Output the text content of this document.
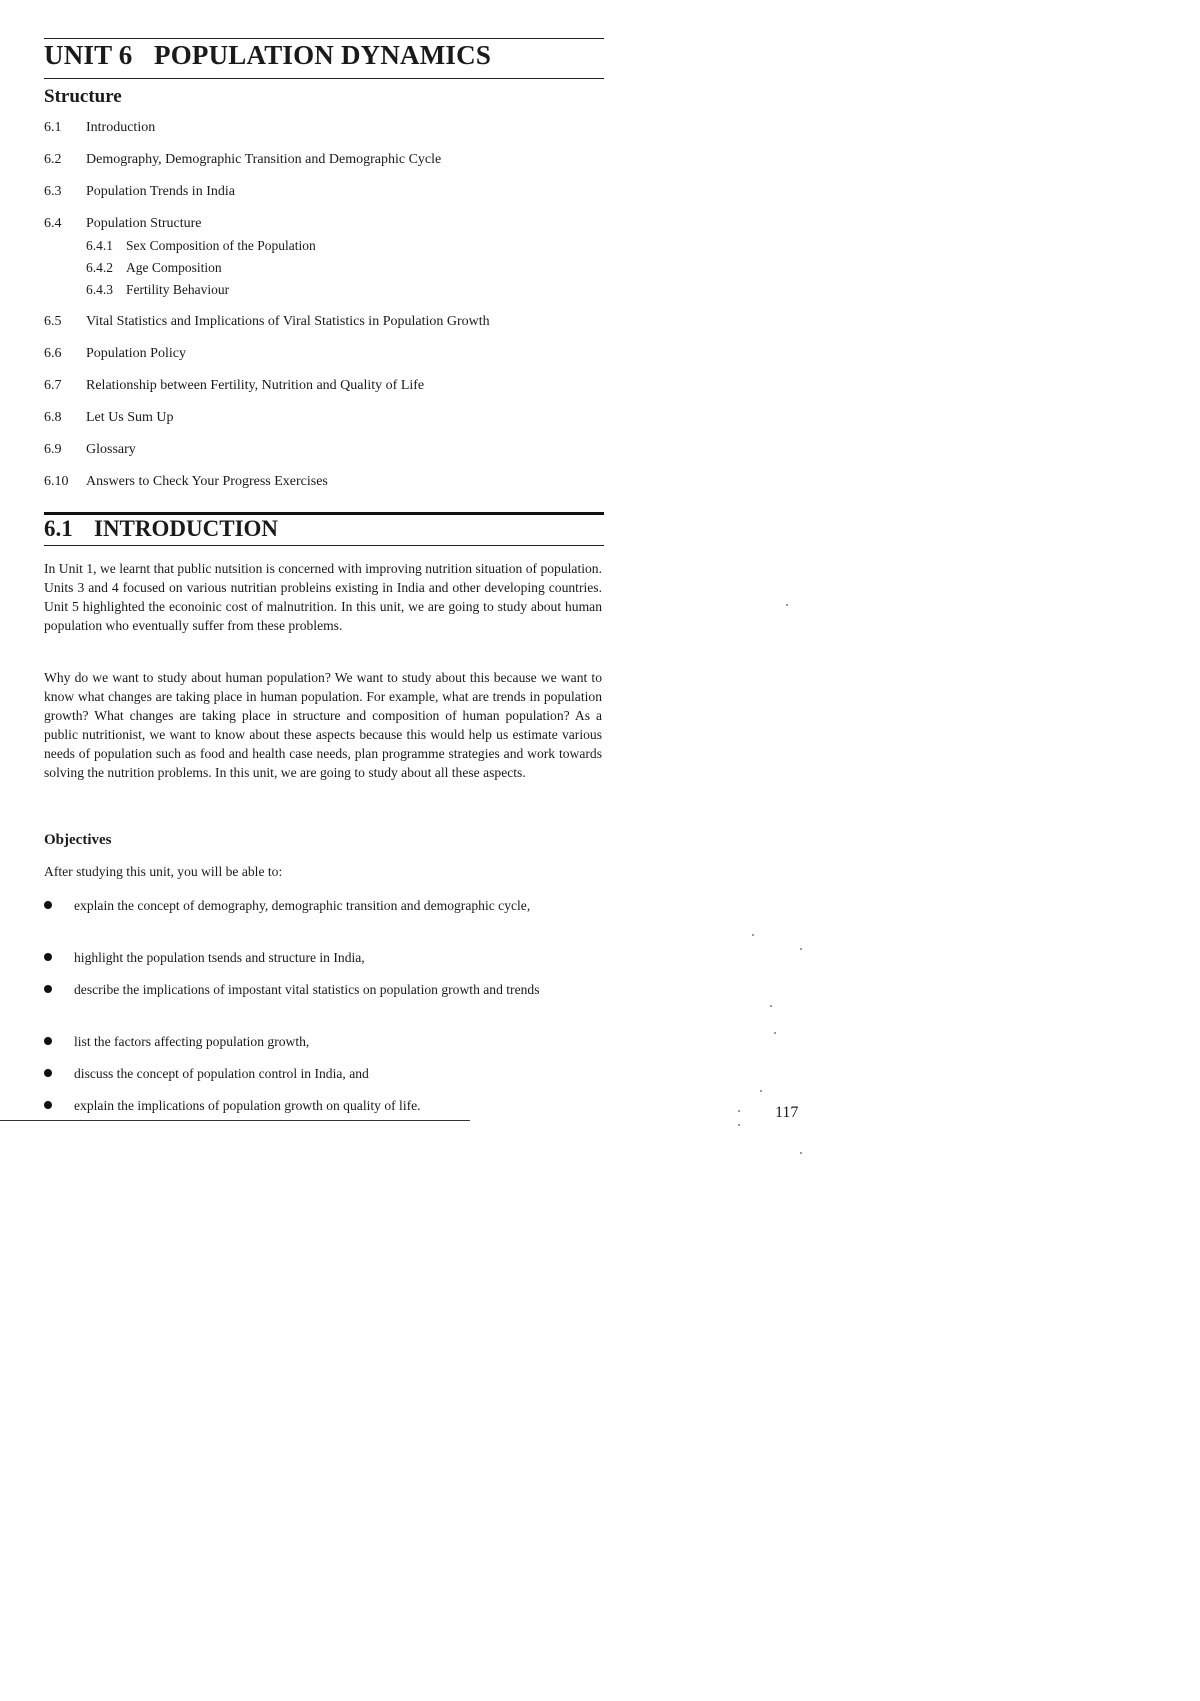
UNIT 6 POPULATION DYNAMICS
Structure
6.1 Introduction
6.2 Demography, Demographic Transition and Demographic Cycle
6.3 Population Trends in India
6.4 Population Structure
6.4.1 Sex Composition of the Population
6.4.2 Age Composition
6.4.3 Fertility Behaviour
6.5 Vital Statistics and Implications of Viral Statistics in Population Growth
6.6 Population Policy
6.7 Relationship between Fertility, Nutrition and Quality of Life
6.8 Let Us Sum Up
6.9 Glossary
6.10 Answers to Check Your Progress Exercises
6.1 INTRODUCTION

In Unit 1, we learnt that public nutsition is concerned with improving nutrition situation of population. Units 3 and 4 focused on various nutritian probleins existing in India and other developing countries. Unit 5 highlighted the econoinic cost of malnutrition. In this unit, we are going to study about human population who eventually suffer from these problems.

Why do we want to study about human population? We want to study about this because we want to know what changes are taking place in human population. For example, what are trends in population growth? What changes are taking place in structure and composition of human population? As a public nutritionist, we want to know about these aspects because this would help us estimate various needs of population such as food and health case needs, plan programme strategies and work towards solving the nutrition problems. In this unit, we are going to study about all these aspects.

Objectives

After studying this unit, you will be able to:

explain the concept of demography, demographic transition and demographic cycle,
highlight the population tsends and structure in India,
describe the implications of impostant vital statistics on population growth and trends
list the factors affecting population growth,
discuss the concept of population control in India, and
explain the implications of population growth on quality of life.	117
